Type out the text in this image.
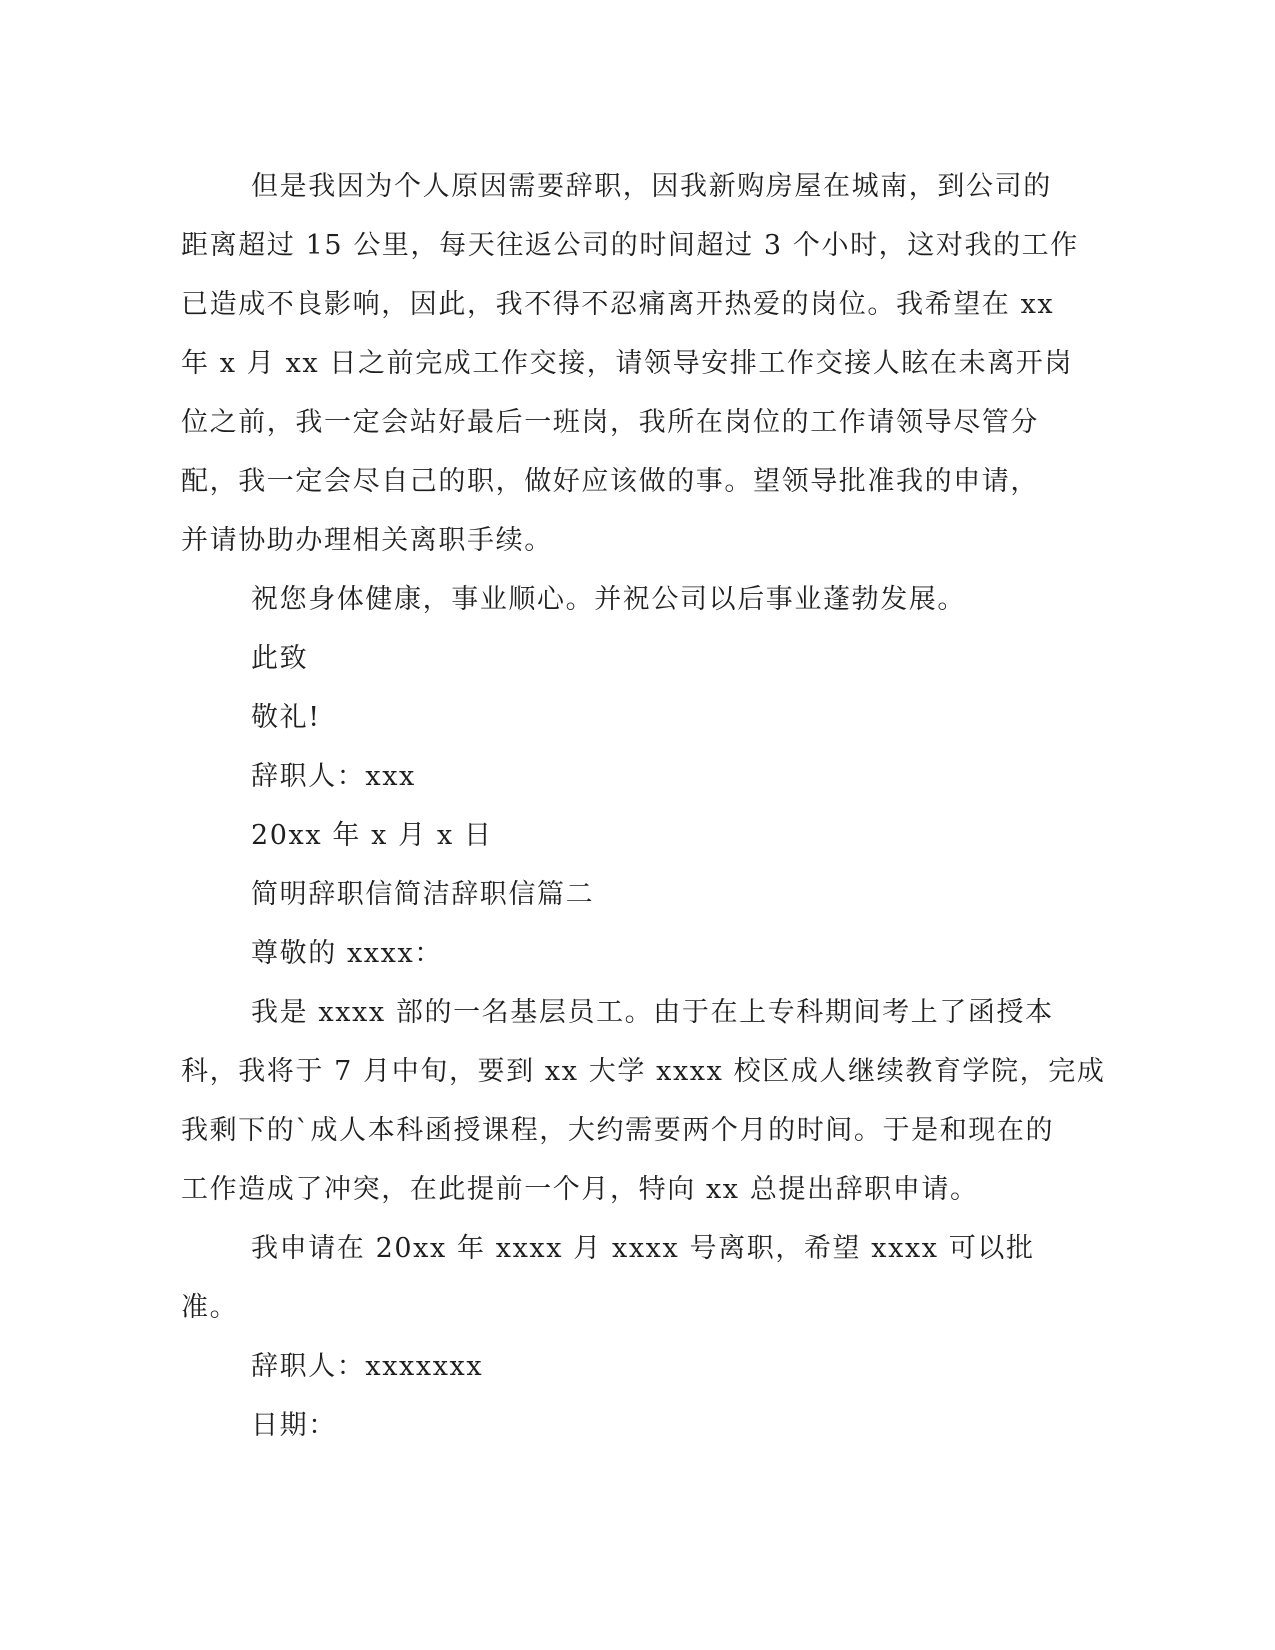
但是我因为个人原因需要辞职，因我新购房屋在城南，到公司的
距离超过 15 公里，每天往返公司的时间超过 3 个小时，这对我的工作
已造成不良影响，因此，我不得不忍痛离开热爱的岗位。我希望在 xx
年 x 月 xx 日之前完成工作交接，请领导安排工作交接人眩在未离开岗
位之前，我一定会站好最后一班岗，我所在岗位的工作请领导尽管分
配，我一定会尽自己的职，做好应该做的事。望领导批准我的申请，
并请协助办理相关离职手续。

祝您身体健康，事业顺心。并祝公司以后事业蓬勃发展。

此致

敬礼!

辞职人：xxx

20xx 年 x 月 x 日

简明辞职信简洁辞职信篇二

尊敬的 xxxx：

我是 xxxx 部的一名基层员工。由于在上专科期间考上了函授本
科，我将于 7 月中旬，要到 xx 大学 xxxx 校区成人继续教育学院，完成
我剩下的`成人本科函授课程，大约需要两个月的时间。于是和现在的
工作造成了冲突，在此提前一个月，特向 xx 总提出辞职申请。

我申请在 20xx 年 xxxx 月 xxxx 号离职，希望 xxxx 可以批准。

辞职人：xxxxxxx

日期：
